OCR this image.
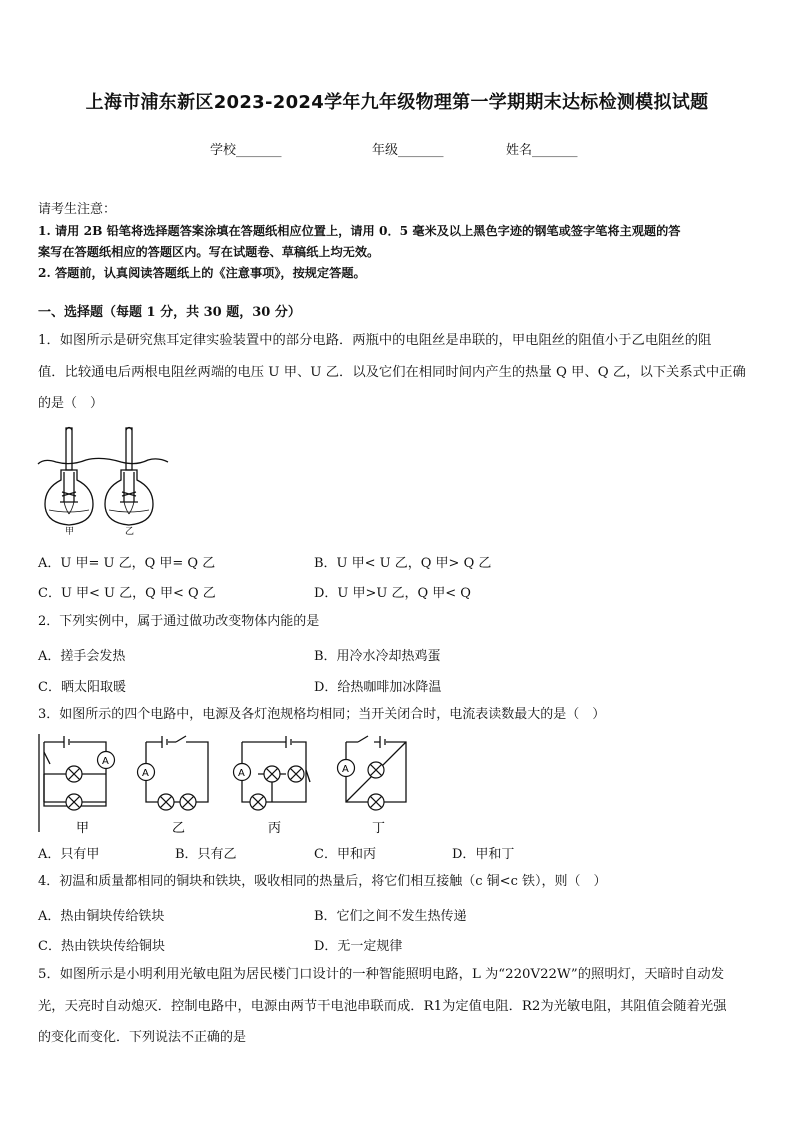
上海市浦东新区2023-2024学年九年级物理第一学期期末达标检测模拟试题
学校_______	年级_______	姓名_______
请考生注意：
1. 请用 2B 铅笔将选择题答案涂填在答题纸相应位置上，请用 0．5 毫米及以上黑色字迹的钢笔或签字笔将主观题的答
案写在答题纸相应的答题区内。写在试题卷、草稿纸上均无效。
2. 答题前，认真阅读答题纸上的《注意事项》，按规定答题。
一、选择题（每题 1 分，共 30 题，30 分）
1．如图所示是研究焦耳定律实验装置中的部分电路．两瓶中的电阻丝是串联的，甲电阻丝的阻值小于乙电阻丝的阻
值．比较通电后两根电阻丝两端的电压 U 甲、U 乙．以及它们在相同时间内产生的热量 Q 甲、Q 乙，以下关系式中正确
的是（　）
甲	乙
A．U 甲= U 乙，Q 甲= Q 乙	B．U 甲< U 乙，Q 甲> Q 乙
C．U 甲< U 乙，Q 甲< Q 乙	D．U 甲>U 乙，Q 甲< Q
2．下列实例中，属于通过做功改变物体内能的是
A．搓手会发热	B．用冷水冷却热鸡蛋
C．晒太阳取暖	D．给热咖啡加冰降温
3．如图所示的四个电路中，电源及各灯泡规格均相同；当开关闭合时，电流表读数最大的是（　）
A
A	A	A
甲	乙	丙	丁
A．只有甲	B．只有乙	C．甲和丙	D．甲和丁
4．初温和质量都相同的铜块和铁块，吸收相同的热量后，将它们相互接触（c 铜<c 铁），则（　）
A．热由铜块传给铁块	B．它们之间不发生热传递
C．热由铁块传给铜块	D．无一定规律
5．如图所示是小明利用光敏电阻为居民楼门口设计的一种智能照明电路，L 为“220V22W”的照明灯，天暗时自动发
光，天亮时自动熄灭．控制电路中，电源由两节干电池串联而成．R1为定值电阻．R2为光敏电阻，其阻值会随着光强
的变化而变化．下列说法不正确的是
